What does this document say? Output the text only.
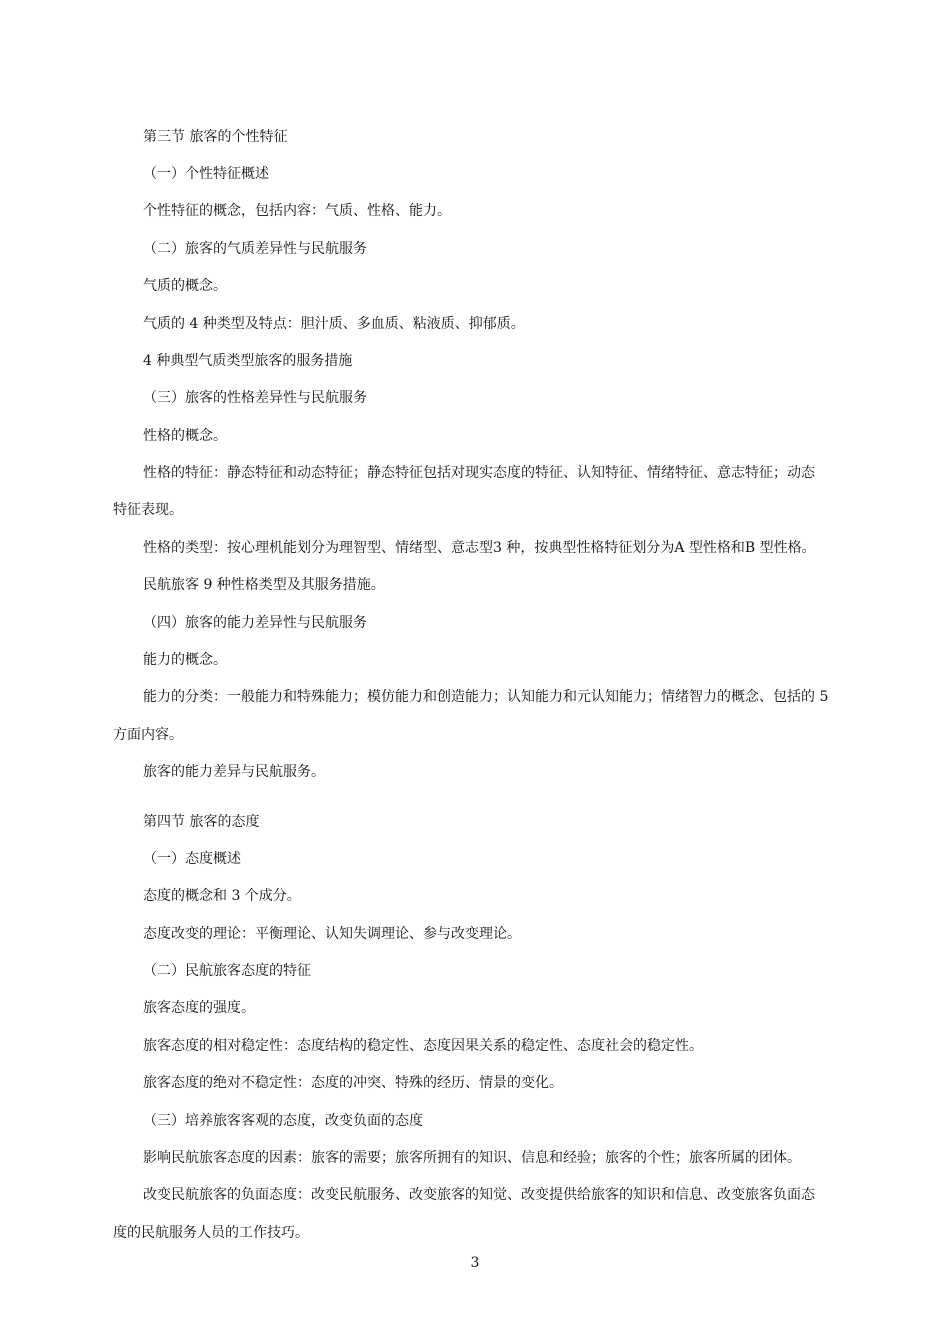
第三节 旅客的个性特征
（一）个性特征概述
个性特征的概念，包括内容：气质、性格、能力。
（二）旅客的气质差异性与民航服务
气质的概念。
气质的 4 种类型及特点：胆汁质、多血质、粘液质、抑郁质。
4 种典型气质类型旅客的服务措施
（三）旅客的性格差异性与民航服务
性格的概念。
性格的特征：静态特征和动态特征；静态特征包括对现实态度的特征、认知特征、情绪特征、意志特征；动态
特征表现。
性格的类型：按心理机能划分为理智型、情绪型、意志型3 种，按典型性格特征划分为A 型性格和B 型性格。
民航旅客 9 种性格类型及其服务措施。
（四）旅客的能力差异性与民航服务
能力的概念。
能力的分类：一般能力和特殊能力；模仿能力和创造能力；认知能力和元认知能力；情绪智力的概念、包括的 5
方面内容。
旅客的能力差异与民航服务。
第四节 旅客的态度
（一）态度概述
态度的概念和 3 个成分。
态度改变的理论：平衡理论、认知失调理论、参与改变理论。
（二）民航旅客态度的特征
旅客态度的强度。
旅客态度的相对稳定性：态度结构的稳定性、态度因果关系的稳定性、态度社会的稳定性。
旅客态度的绝对不稳定性：态度的冲突、特殊的经历、情景的变化。
（三）培养旅客客观的态度，改变负面的态度
影响民航旅客态度的因素：旅客的需要；旅客所拥有的知识、信息和经验；旅客的个性；旅客所属的团体。
改变民航旅客的负面态度：改变民航服务、改变旅客的知觉、改变提供给旅客的知识和信息、改变旅客负面态
度的民航服务人员的工作技巧。
3
